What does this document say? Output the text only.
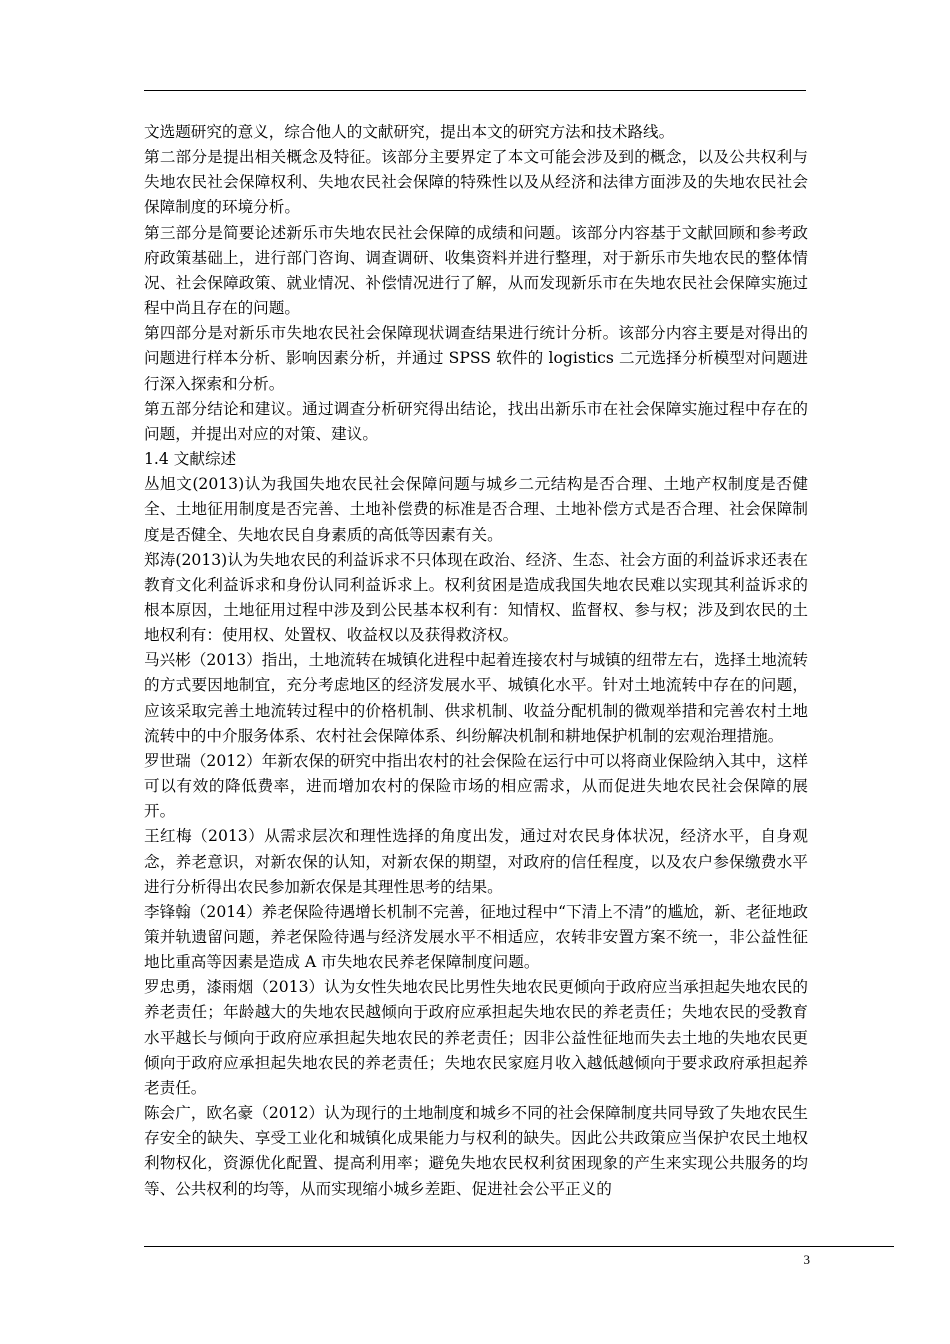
文选题研究的意义，综合他人的文献研究，提出本文的研究方法和技术路线。

第二部分是提出相关概念及特征。该部分主要界定了本文可能会涉及到的概念，以及公共权利与失地农民社会保障权利、失地农民社会保障的特殊性以及从经济和法律方面涉及的失地农民社会保障制度的环境分析。

第三部分是简要论述新乐市失地农民社会保障的成绩和问题。该部分内容基于文献回顾和参考政府政策基础上，进行部门咨询、调查调研、收集资料并进行整理，对于新乐市失地农民的整体情况、社会保障政策、就业情况、补偿情况进行了解，从而发现新乐市在失地农民社会保障实施过程中尚且存在的问题。

第四部分是对新乐市失地农民社会保障现状调查结果进行统计分析。该部分内容主要是对得出的问题进行样本分析、影响因素分析，并通过 SPSS 软件的 logistics 二元选择分析模型对问题进行深入探索和分析。

第五部分结论和建议。通过调查分析研究得出结论，找出出新乐市在社会保障实施过程中存在的问题，并提出对应的对策、建议。

1.4 文献综述

丛旭文(2013)认为我国失地农民社会保障问题与城乡二元结构是否合理、土地产权制度是否健全、土地征用制度是否完善、土地补偿费的标准是否合理、土地补偿方式是否合理、社会保障制度是否健全、失地农民自身素质的高低等因素有关。

郑涛(2013)认为失地农民的利益诉求不只体现在政治、经济、生态、社会方面的利益诉求还表在教育文化利益诉求和身份认同利益诉求上。权利贫困是造成我国失地农民难以实现其利益诉求的根本原因，土地征用过程中涉及到公民基本权利有：知情权、监督权、参与权；涉及到农民的土地权利有：使用权、处置权、收益权以及获得救济权。

马兴彬（2013）指出，土地流转在城镇化进程中起着连接农村与城镇的纽带左右，选择土地流转的方式要因地制宜，充分考虑地区的经济发展水平、城镇化水平。针对土地流转中存在的问题，应该采取完善土地流转过程中的价格机制、供求机制、收益分配机制的微观举措和完善农村土地流转中的中介服务体系、农村社会保障体系、纠纷解决机制和耕地保护机制的宏观治理措施。

罗世瑞（2012）年新农保的研究中指出农村的社会保险在运行中可以将商业保险纳入其中，这样可以有效的降低费率，进而增加农村的保险市场的相应需求，从而促进失地农民社会保障的展开。

王红梅（2013）从需求层次和理性选择的角度出发，通过对农民身体状况，经济水平，自身观念，养老意识，对新农保的认知，对新农保的期望，对政府的信任程度，以及农户参保缴费水平进行分析得出农民参加新农保是其理性思考的结果。

李锋翰（2014）养老保险待遇增长机制不完善，征地过程中“下清上不清”的尴尬，新、老征地政策并轨遗留问题，养老保险待遇与经济发展水平不相适应，农转非安置方案不统一，非公益性征地比重高等因素是造成 A 市失地农民养老保障制度问题。

罗忠勇，漆雨烟（2013）认为女性失地农民比男性失地农民更倾向于政府应当承担起失地农民的养老责任；年龄越大的失地农民越倾向于政府应承担起失地农民的养老责任；失地农民的受教育水平越长与倾向于政府应承担起失地农民的养老责任；因非公益性征地而失去土地的失地农民更倾向于政府应承担起失地农民的养老责任；失地农民家庭月收入越低越倾向于要求政府承担起养老责任。

陈会广，欧名豪（2012）认为现行的土地制度和城乡不同的社会保障制度共同导致了失地农民生存安全的缺失、享受工业化和城镇化成果能力与权利的缺失。因此公共政策应当保护农民土地权利物权化，资源优化配置、提高利用率；避免失地农民权利贫困现象的产生来实现公共服务的均等、公共权利的均等，从而实现缩小城乡差距、促进社会公平正义的

3
